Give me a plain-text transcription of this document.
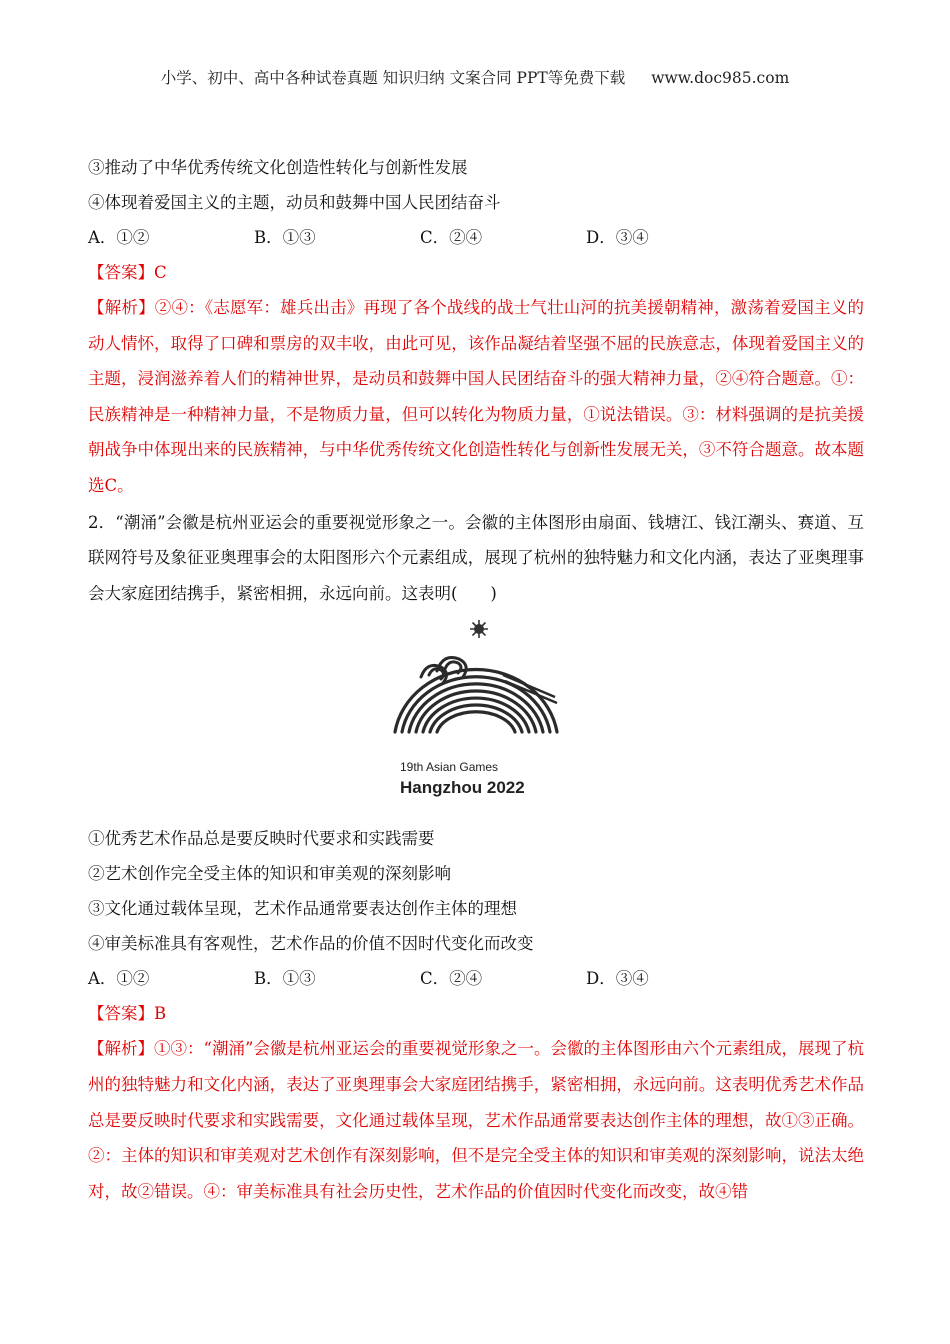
小学、初中、高中各种试卷真题 知识归纳 文案合同 PPT等免费下载 www.doc985.com
③推动了中华优秀传统文化创造性转化与创新性发展
④体现着爱国主义的主题，动员和鼓舞中国人民团结奋斗
A．①②	B．①③	C．②④	D．③④
【答案】C
【解析】②④：《志愿军：雄兵出击》再现了各个战线的战士气壮山河的抗美援朝精神，激荡着爱国主义的动人情怀，取得了口碑和票房的双丰收，由此可见，该作品凝结着坚强不屈的民族意志，体现着爱国主义的主题，浸润滋养着人们的精神世界，是动员和鼓舞中国人民团结奋斗的强大精神力量，②④符合题意。①：民族精神是一种精神力量，不是物质力量，但可以转化为物质力量，①说法错误。③：材料强调的是抗美援朝战争中体现出来的民族精神，与中华优秀传统文化创造性转化与创新性发展无关，③不符合题意。故本题选C。
2．“潮涌”会徽是杭州亚运会的重要视觉形象之一。会徽的主体图形由扇面、钱塘江、钱江潮头、赛道、互联网符号及象征亚奥理事会的太阳图形六个元素组成，展现了杭州的独特魅力和文化内涵，表达了亚奥理事会大家庭团结携手，紧密相拥，永远向前。这表明(　　)
19th Asian Games
Hangzhou 2022
①优秀艺术作品总是要反映时代要求和实践需要
②艺术创作完全受主体的知识和审美观的深刻影响
③文化通过载体呈现，艺术作品通常要表达创作主体的理想
④审美标准具有客观性，艺术作品的价值不因时代变化而改变
A．①②	B．①③	C．②④	D．③④
【答案】B
【解析】①③：“潮涌”会徽是杭州亚运会的重要视觉形象之一。会徽的主体图形由六个元素组成，展现了杭州的独特魅力和文化内涵，表达了亚奥理事会大家庭团结携手，紧密相拥，永远向前。这表明优秀艺术作品总是要反映时代要求和实践需要，文化通过载体呈现，艺术作品通常要表达创作主体的理想，故①③正确。②：主体的知识和审美观对艺术创作有深刻影响，但不是完全受主体的知识和审美观的深刻影响，说法太绝对，故②错误。④：审美标准具有社会历史性，艺术作品的价值因时代变化而改变，故④错
